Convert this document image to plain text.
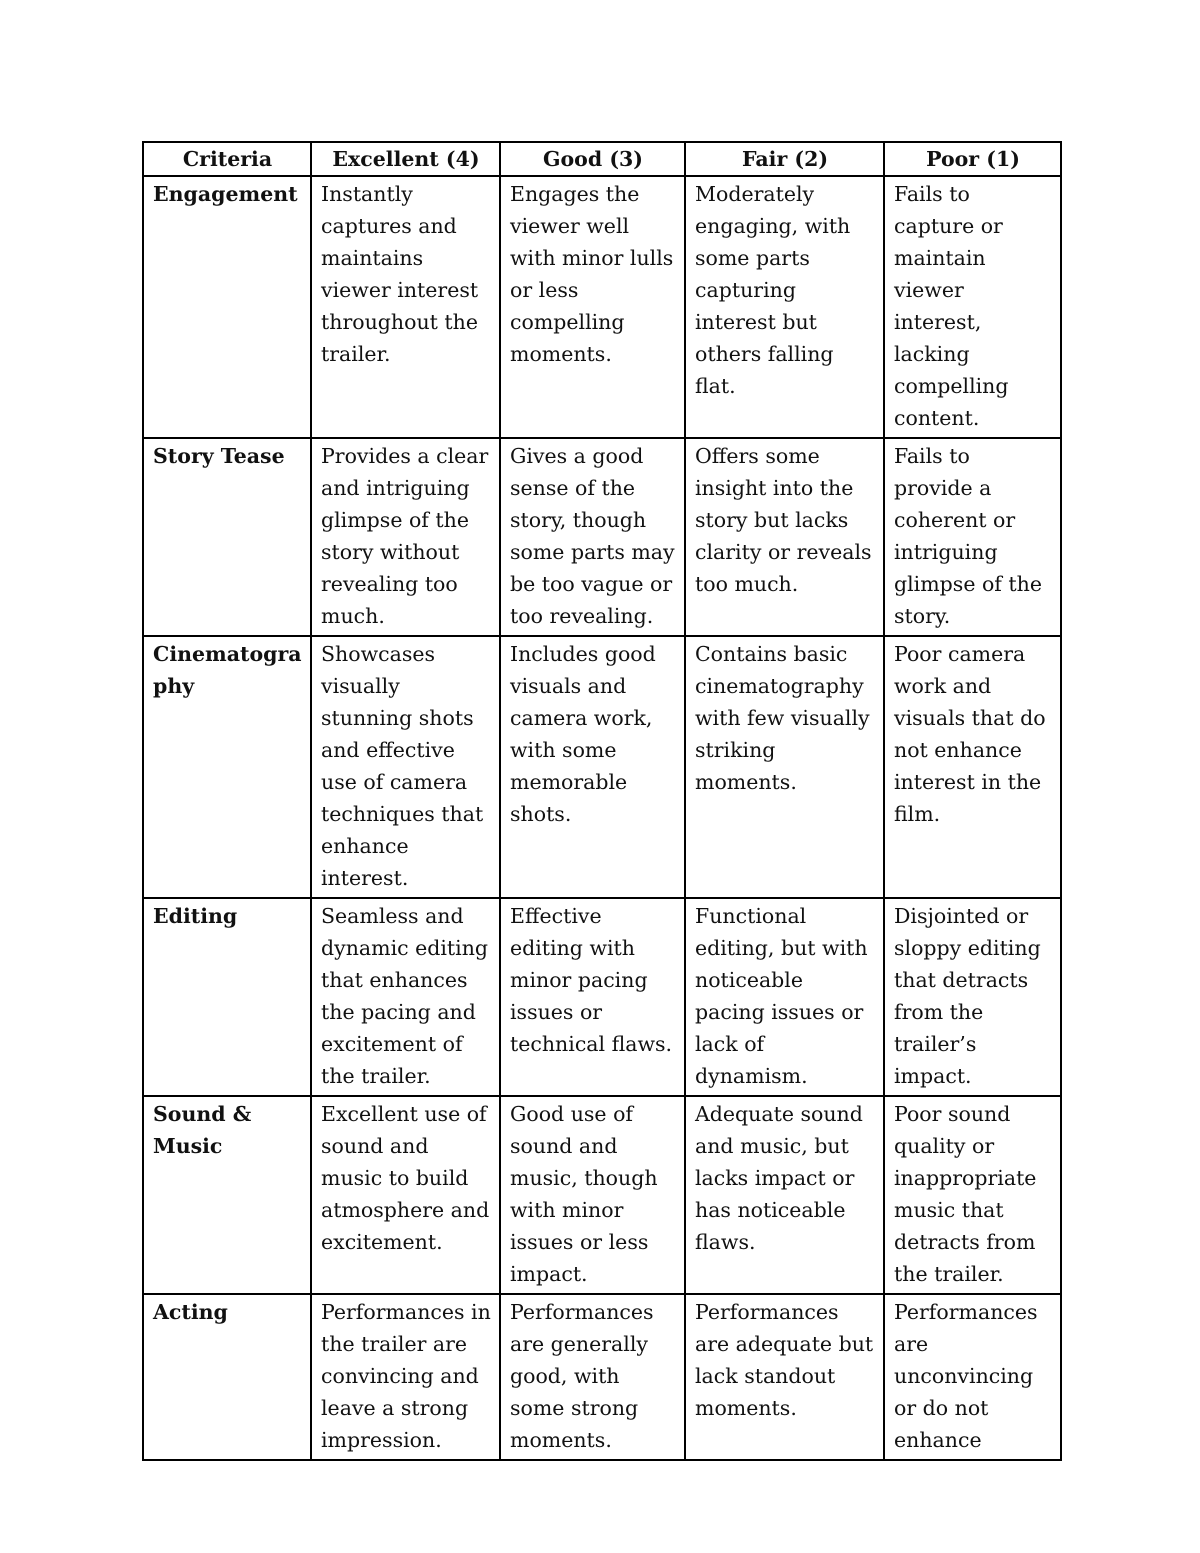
Criteria	Excellent (4)	Good (3)	Fair (2)	Poor (1)
Engagement	Instantly captures and maintains viewer interest throughout the trailer.	Engages the viewer well with minor lulls or less compelling moments.	Moderately engaging, with some parts capturing interest but others falling flat.	Fails to capture or maintain viewer interest, lacking compelling content.
Story Tease	Provides a clear and intriguing glimpse of the story without revealing too much.	Gives a good sense of the story, though some parts may be too vague or too revealing.	Offers some insight into the story but lacks clarity or reveals too much.	Fails to provide a coherent or intriguing glimpse of the story.
Cinematography	Showcases visually stunning shots and effective use of camera techniques that enhance interest.	Includes good visuals and camera work, with some memorable shots.	Contains basic cinematography with few visually striking moments.	Poor camera work and visuals that do not enhance interest in the film.
Editing	Seamless and dynamic editing that enhances the pacing and excitement of the trailer.	Effective editing with minor pacing issues or technical flaws.	Functional editing, but with noticeable pacing issues or lack of dynamism.	Disjointed or sloppy editing that detracts from the trailer’s impact.
Sound & Music	Excellent use of sound and music to build atmosphere and excitement.	Good use of sound and music, though with minor issues or less impact.	Adequate sound and music, but lacks impact or has noticeable flaws.	Poor sound quality or inappropriate music that detracts from the trailer.
Acting	Performances in the trailer are convincing and leave a strong impression.	Performances are generally good, with some strong moments.	Performances are adequate but lack standout moments.	Performances are unconvincing or do not enhance
